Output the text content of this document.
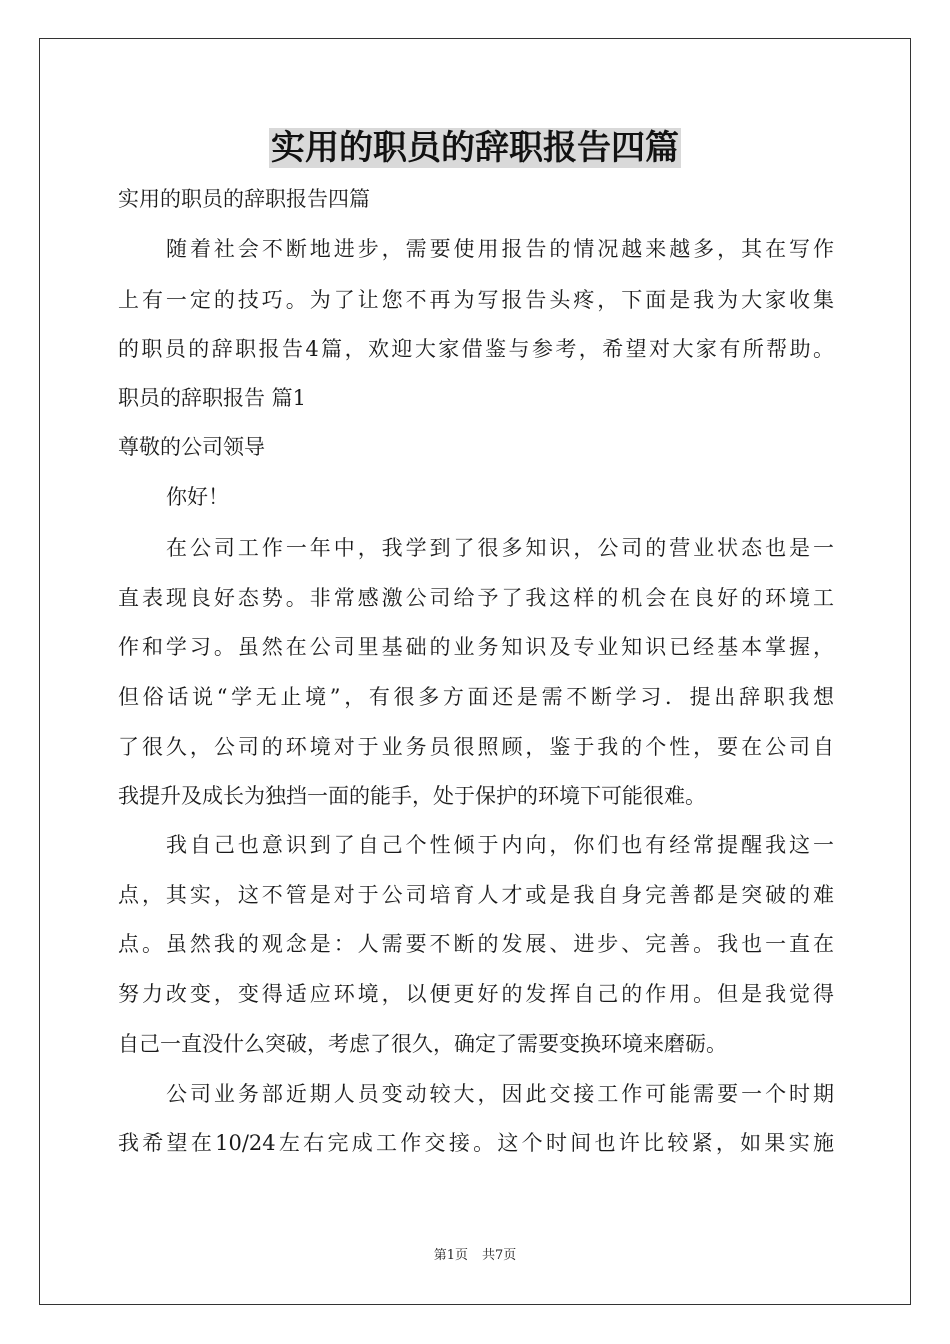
实用的职员的辞职报告四篇
实用的职员的辞职报告四篇
随着社会不断地进步，需要使用报告的情况越来越多，其在写作
上有一定的技巧。为了让您不再为写报告头疼，下面是我为大家收集
的职员的辞职报告4篇，欢迎大家借鉴与参考，希望对大家有所帮助。
职员的辞职报告 篇1
尊敬的公司领导
你好！
在公司工作一年中，我学到了很多知识，公司的营业状态也是一
直表现良好态势。非常感激公司给予了我这样的机会在良好的环境工
作和学习。虽然在公司里基础的业务知识及专业知识已经基本掌握，
但俗话说“学无止境”，有很多方面还是需不断学习．提出辞职我想
了很久，公司的环境对于业务员很照顾，鉴于我的个性，要在公司自
我提升及成长为独挡一面的能手，处于保护的环境下可能很难。
我自己也意识到了自己个性倾于内向，你们也有经常提醒我这一
点，其实，这不管是对于公司培育人才或是我自身完善都是突破的难
点。虽然我的观念是：人需要不断的发展、进步、完善。我也一直在
努力改变，变得适应环境，以便更好的发挥自己的作用。但是我觉得
自己一直没什么突破，考虑了很久，确定了需要变换环境来磨砺。
公司业务部近期人员变动较大，因此交接工作可能需要一个时期
我希望在10/24左右完成工作交接。这个时间也许比较紧，如果实施
第1页 共7页
